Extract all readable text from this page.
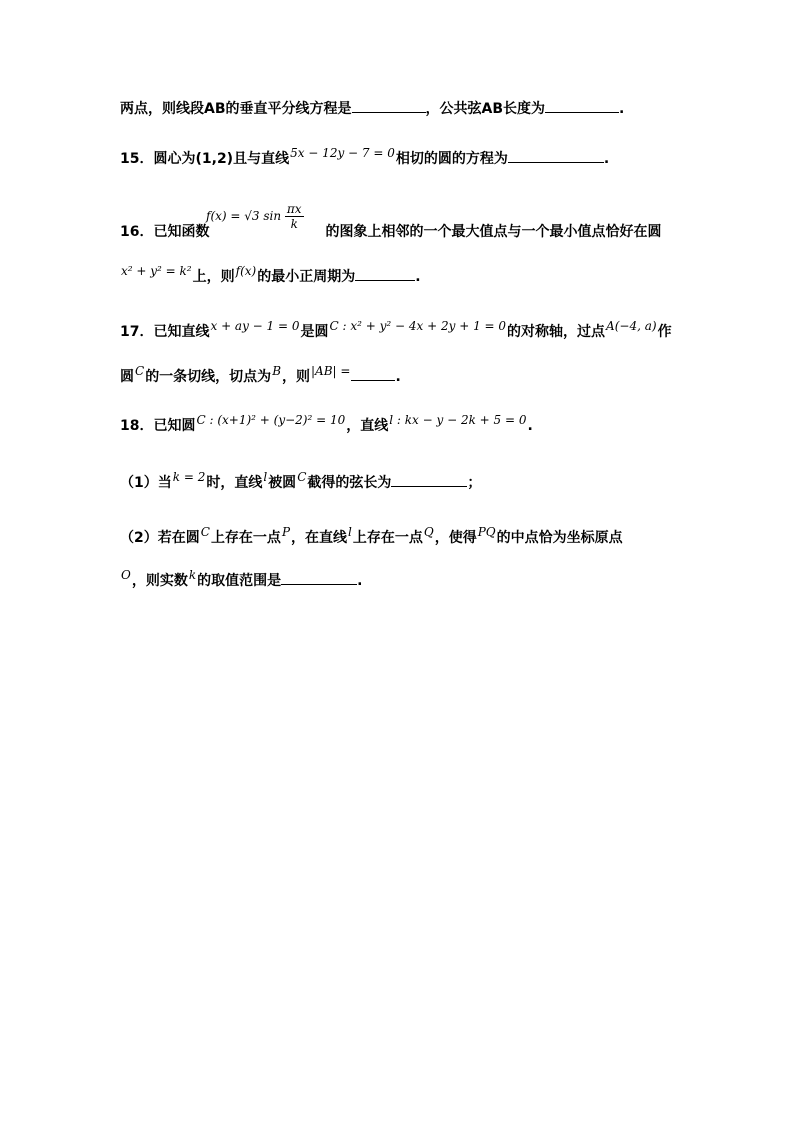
两点，则线段AB的垂直平分线方程是	，公共弦AB长度为	.
15．圆心为(1,2)且与直线5x − 12y − 7 = 0相切的圆的方程为	.
f(x) = √3 $\sin \frac{\pi x}{k}$
16．已知函数	的图象上相邻的一个最大值点与一个最小值点恰好在圆
x² + y² = k²上，则f(x)的最小正周期为	.
17．已知直线x + ay − 1 = 0是圆C : x² + y² − 4x + 2y + 1 = 0的对称轴，过点A(−4, a)作
圆C的一条切线，切点为B，则|AB| =	.
18．已知圆C : (x+1)² + (y−2)² = 10，直线l : kx − y − 2k + 5 = 0.
（1）当k = 2时，直线l被圆C截得的弦长为	；
（2）若在圆C上存在一点P，在直线l上存在一点Q，使得PQ的中点恰为坐标原点
O，则实数k的取值范围是	.
